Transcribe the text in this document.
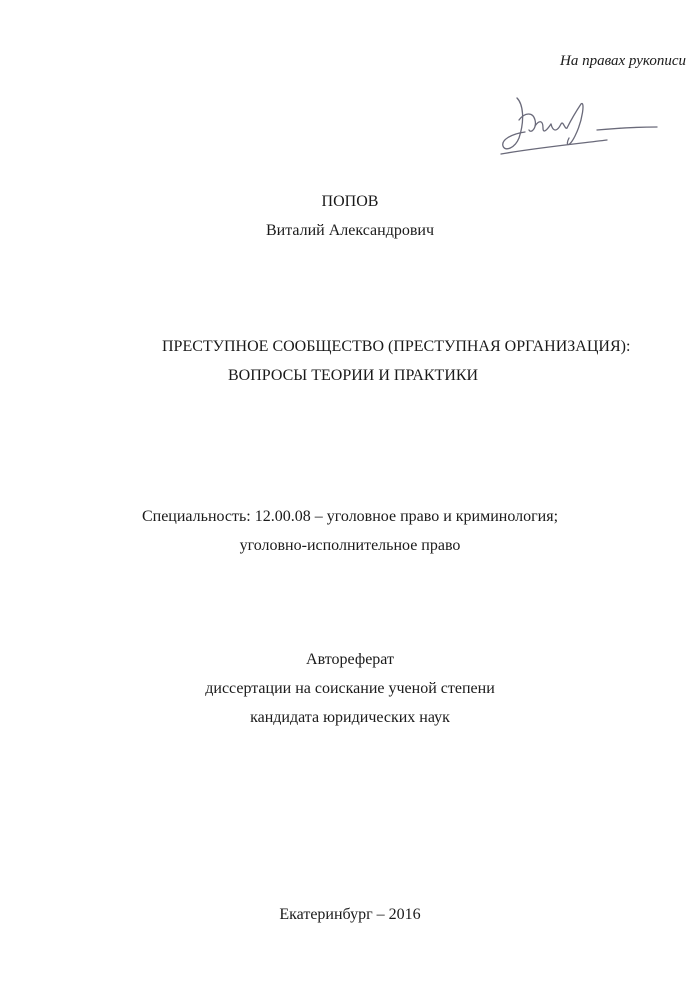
На правах рукописи
ПОПОВ
Виталий Александрович
ПРЕСТУПНОЕ СООБЩЕСТВО (ПРЕСТУПНАЯ ОРГАНИЗАЦИЯ):
ВОПРОСЫ ТЕОРИИ И ПРАКТИКИ
Специальность: 12.00.08 – уголовное право и криминология;
уголовно-исполнительное право
Автореферат
диссертации на соискание ученой степени
кандидата юридических наук
Екатеринбург – 2016
